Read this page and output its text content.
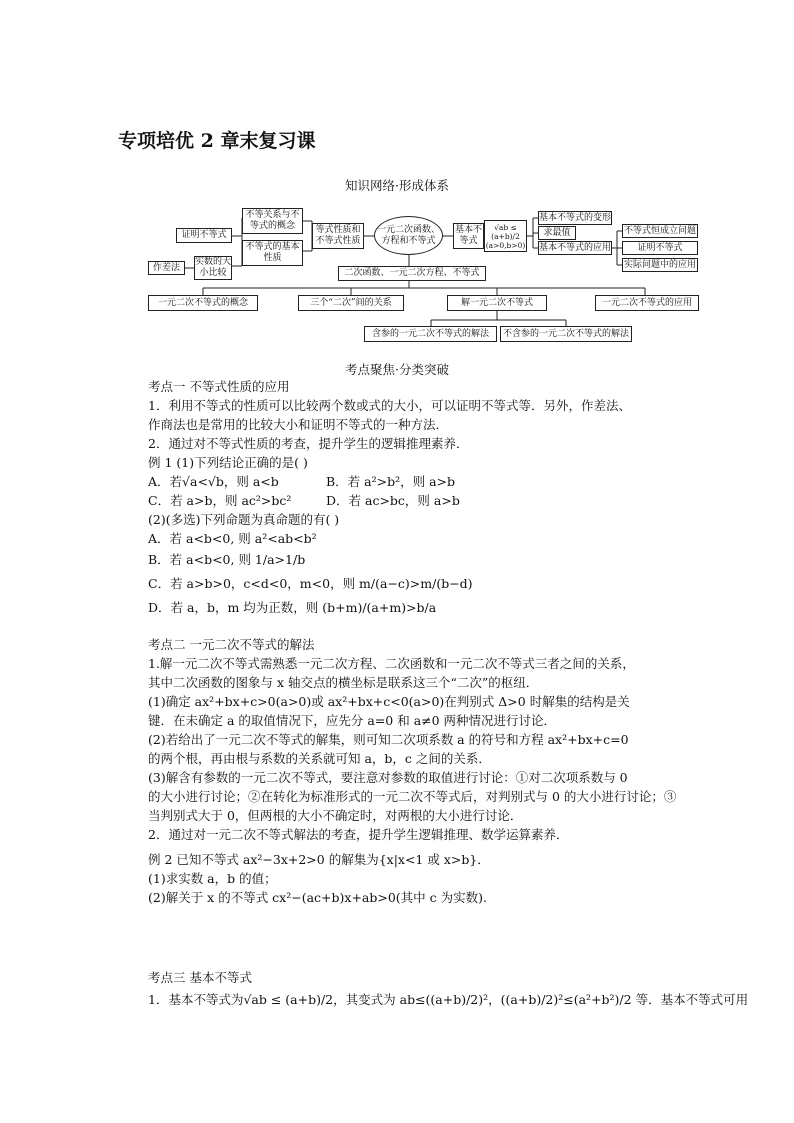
专项培优 2 章末复习课
知识网络·形成体系
不等关系与不等式的概念
证明不等式
不等式的基本性质
实数的大小比较
作差法
等式性质和不等式性质
一元二次函数、方程和不等式
基本不等式
√ab ≤ (a+b)/2 (a>0,b>0)
基本不等式的变形
求最值
基本不等式的应用
不等式恒成立问题
证明不等式
实际问题中的应用
二次函数、一元二次方程、不等式
一元二次不等式的概念	三个“二次”间的关系	解一元二次不等式	一元二次不等式的应用
含参的一元二次不等式的解法	不含参的一元二次不等式的解法
考点聚焦·分类突破
考点一 不等式性质的应用
1．利用不等式的性质可以比较两个数或式的大小，可以证明不等式等．另外，作差法、
作商法也是常用的比较大小和证明不等式的一种方法．
2．通过对不等式性质的考查，提升学生的逻辑推理素养．
例 1 (1)下列结论正确的是( )
A．若√a<√b，则 a<b	B．若 a²>b²，则 a>b
C．若 a>b，则 ac²>bc²	D．若 ac>bc，则 a>b
(2)(多选)下列命题为真命题的有( )
A．若 a<b<0, 则 a²<ab<b²
B．若 a<b<0, 则 1/a>1/b
C．若 a>b>0，c<d<0，m<0，则 m/(a−c)>m/(b−d)
D．若 a，b，m 均为正数，则 (b+m)/(a+m)>b/a
考点二 一元二次不等式的解法
1.解一元二次不等式需熟悉一元二次方程、二次函数和一元二次不等式三者之间的关系，
其中二次函数的图象与 x 轴交点的横坐标是联系这三个“二次”的枢纽．
(1)确定 ax²+bx+c>0(a>0)或 ax²+bx+c<0(a>0)在判别式 Δ>0 时解集的结构是关
键．在未确定 a 的取值情况下，应先分 a=0 和 a≠0 两种情况进行讨论．
(2)若给出了一元二次不等式的解集，则可知二次项系数 a 的符号和方程 ax²+bx+c=0
的两个根，再由根与系数的关系就可知 a，b，c 之间的关系．
(3)解含有参数的一元二次不等式，要注意对参数的取值进行讨论：①对二次项系数与 0
的大小进行讨论；②在转化为标准形式的一元二次不等式后，对判别式与 0 的大小进行讨论；③
当判别式大于 0，但两根的大小不确定时，对两根的大小进行讨论．
2．通过对一元二次不等式解法的考查，提升学生逻辑推理、数学运算素养．
例 2 已知不等式 ax²−3x+2>0 的解集为{x|x<1 或 x>b}．
(1)求实数 a，b 的值；
(2)解关于 x 的不等式 cx²−(ac+b)x+ab>0(其中 c 为实数).
考点三 基本不等式
1．基本不等式为√ab ≤ (a+b)/2，其变式为 ab≤((a+b)/2)²，((a+b)/2)²≤(a²+b²)/2 等．基本不等式可用
